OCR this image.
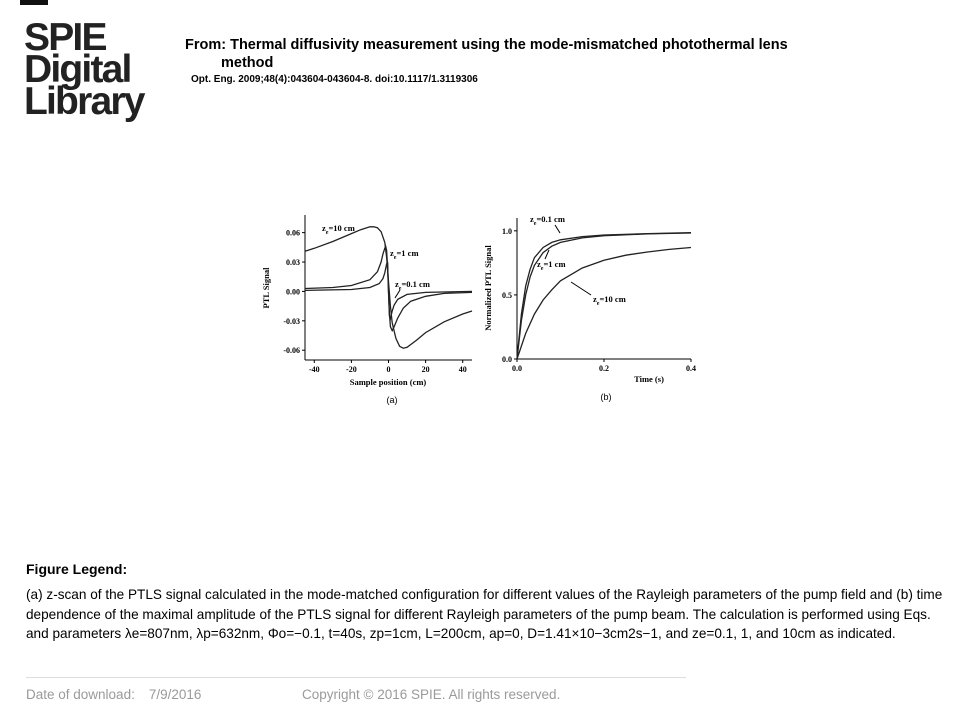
SPIE
Digital
Library
From: Thermal diffusivity measurement using the mode-mismatched photothermal lens
method
Opt. Eng. 2009;48(4):043604-043604-8. doi:10.1117/1.3119306
-40	-20	0	20	40
0.06
0.03
0.00
-0.03
-0.06
Sample position (cm)
PTL Signal
(a)
$z_e=10$ cm
$z_e=1$ cm
$z_e=0.1$ cm
0.0	0.2	0.4
0.0
0.5
1.0
Time (s)
Normalized PTL Signal
(b)
$z_e=0.1$ cm
$z_e=1$ cm
$z_e=10$ cm
Figure Legend:
(a) z-scan of the PTLS signal calculated in the mode-matched configuration for different values of the Rayleigh parameters of the pump field and (b) time dependence of the maximal amplitude of the PTLS signal for different Rayleigh parameters of the pump beam. The calculation is performed using Eqs. and parameters λe=807nm, λp=632nm, Φo=−0.1, t=40s, zp=1cm, L=200cm, ap=0, D=1.41×10−3cm2s−1, and ze=0.1, 1, and 10cm as indicated.
Date of download: 7/9/2016	Copyright © 2016 SPIE. All rights reserved.
